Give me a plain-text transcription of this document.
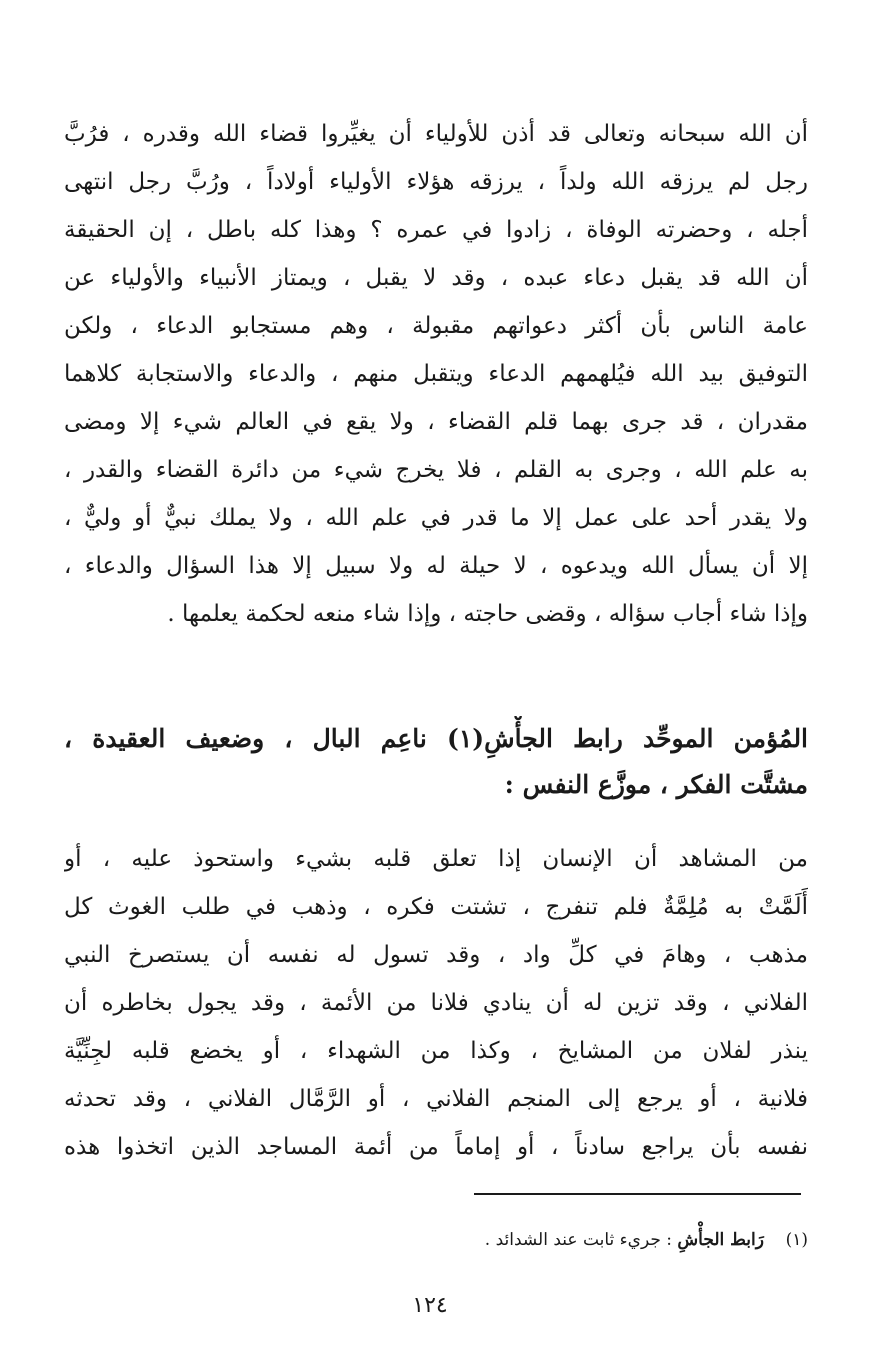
أن الله سبحانه وتعالى قد أذن للأولياء أن يغيِّروا قضاء الله وقدره ، فرُبَّ
رجل لم يرزقه الله ولداً ، يرزقه هؤلاء الأولياء أولاداً ، ورُبَّ رجل انتهى
أجله ، وحضرته الوفاة ، زادوا في عمره ؟ وهذا كله باطل ، إن الحقيقة
أن الله قد يقبل دعاء عبده ، وقد لا يقبل ، ويمتاز الأنبياء والأولياء عن
عامة الناس بأن أكثر دعواتهم مقبولة ، وهم مستجابو الدعاء ، ولكن
التوفيق بيد الله فيُلهمهم الدعاء ويتقبل منهم ، والدعاء والاستجابة كلاهما
مقدران ، قد جرى بهما قلم القضاء ، ولا يقع في العالم شيء إلا ومضى
به علم الله ، وجرى به القلم ، فلا يخرج شيء من دائرة القضاء والقدر ،
ولا يقدر أحد على عمل إلا ما قدر في علم الله ، ولا يملك نبيٌّ أو وليٌّ ،
إلا أن يسأل الله ويدعوه ، لا حيلة له ولا سبيل إلا هذا السؤال والدعاء ،
وإذا شاء أجاب سؤاله ، وقضى حاجته ، وإذا شاء منعه لحكمة يعلمها .
المُؤمن الموحِّد رابط الجأْشِ(١) ناعِم البال ، وضعيف العقيدة ،
مشتَّت الفكر ، موزَّع النفس :
من المشاهد أن الإنسان إذا تعلق قلبه بشيء واستحوذ عليه ، أو
أَلَمَّتْ به مُلِمَّةٌ فلم تنفرج ، تشتت فكره ، وذهب في طلب الغوث كل
مذهب ، وهامَ في كلِّ واد ، وقد تسول له نفسه أن يستصرخ النبي
الفلاني ، وقد تزين له أن ينادي فلانا من الأئمة ، وقد يجول بخاطره أن
ينذر لفلان من المشايخ ، وكذا من الشهداء ، أو يخضع قلبه لجِنِّيَّة
فلانية ، أو يرجع إلى المنجم الفلاني ، أو الرَّمَّال الفلاني ، وقد تحدثه
نفسه بأن يراجع سادناً ، أو إماماً من أئمة المساجد الذين اتخذوا هذه
(١)    رَابط الجأْشِ : جريء ثابت عند الشدائد .
١٢٤
